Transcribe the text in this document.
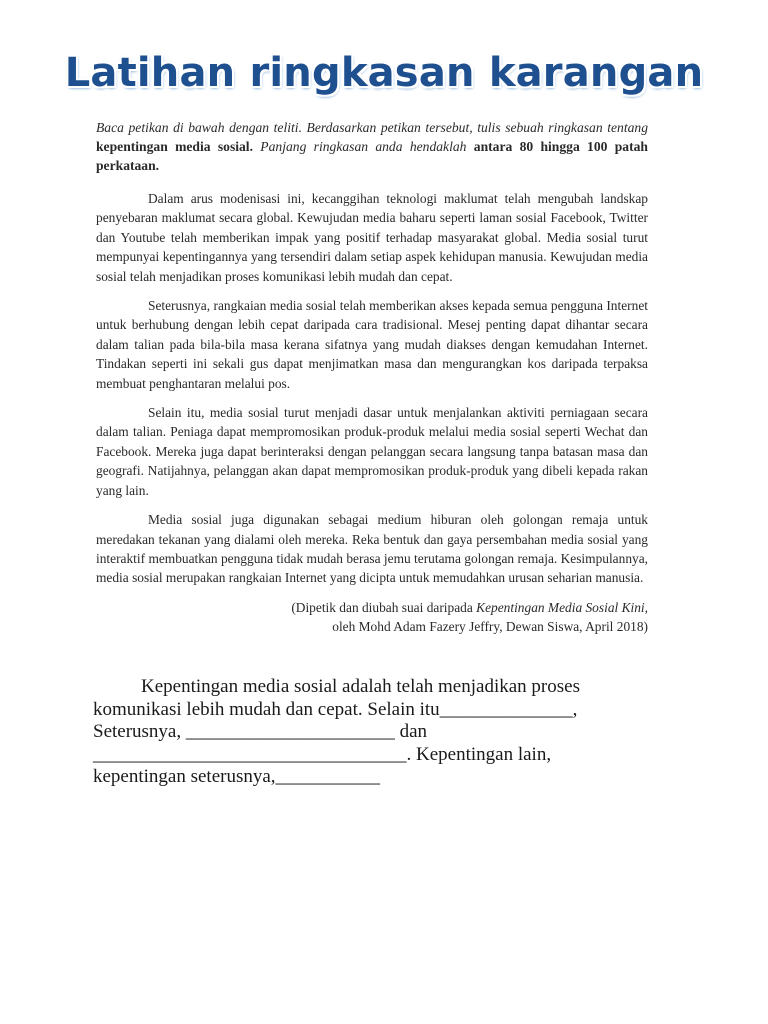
Latihan ringkasan karangan

Baca petikan di bawah dengan teliti. Berdasarkan petikan tersebut, tulis sebuah ringkasan tentang kepentingan media sosial. Panjang ringkasan anda hendaklah antara 80 hingga 100 patah perkataan.

Dalam arus modenisasi ini, kecanggihan teknologi maklumat telah mengubah landskap penyebaran maklumat secara global. Kewujudan media baharu seperti laman sosial Facebook, Twitter dan Youtube telah memberikan impak yang positif terhadap masyarakat global. Media sosial turut mempunyai kepentingannya yang tersendiri dalam setiap aspek kehidupan manusia. Kewujudan media sosial telah menjadikan proses komunikasi lebih mudah dan cepat.

Seterusnya, rangkaian media sosial telah memberikan akses kepada semua pengguna Internet untuk berhubung dengan lebih cepat daripada cara tradisional. Mesej penting dapat dihantar secara dalam talian pada bila-bila masa kerana sifatnya yang mudah diakses dengan kemudahan Internet. Tindakan seperti ini sekali gus dapat menjimatkan masa dan mengurangkan kos daripada terpaksa membuat penghantaran melalui pos.

Selain itu, media sosial turut menjadi dasar untuk menjalankan aktiviti perniagaan secara dalam talian. Peniaga dapat mempromosikan produk-produk melalui media sosial seperti Wechat dan Facebook. Mereka juga dapat berinteraksi dengan pelanggan secara langsung tanpa batasan masa dan geografi. Natijahnya, pelanggan akan dapat mempromosikan produk-produk yang dibeli kepada rakan yang lain.

Media sosial juga digunakan sebagai medium hiburan oleh golongan remaja untuk meredakan tekanan yang dialami oleh mereka. Reka bentuk dan gaya persembahan media sosial yang interaktif membuatkan pengguna tidak mudah berasa jemu terutama golongan remaja. Kesimpulannya, media sosial merupakan rangkaian Internet yang dicipta untuk memudahkan urusan seharian manusia.

(Dipetik dan diubah suai daripada Kepentingan Media Sosial Kini,
oleh Mohd Adam Fazery Jeffry, Dewan Siswa, April 2018)
Kepentingan media sosial adalah telah menjadikan proses
komunikasi lebih mudah dan cepat. Selain itu______________,
Seterusnya, ______________________ dan
_________________________________. Kepentingan lain,
kepentingan seterusnya,___________
